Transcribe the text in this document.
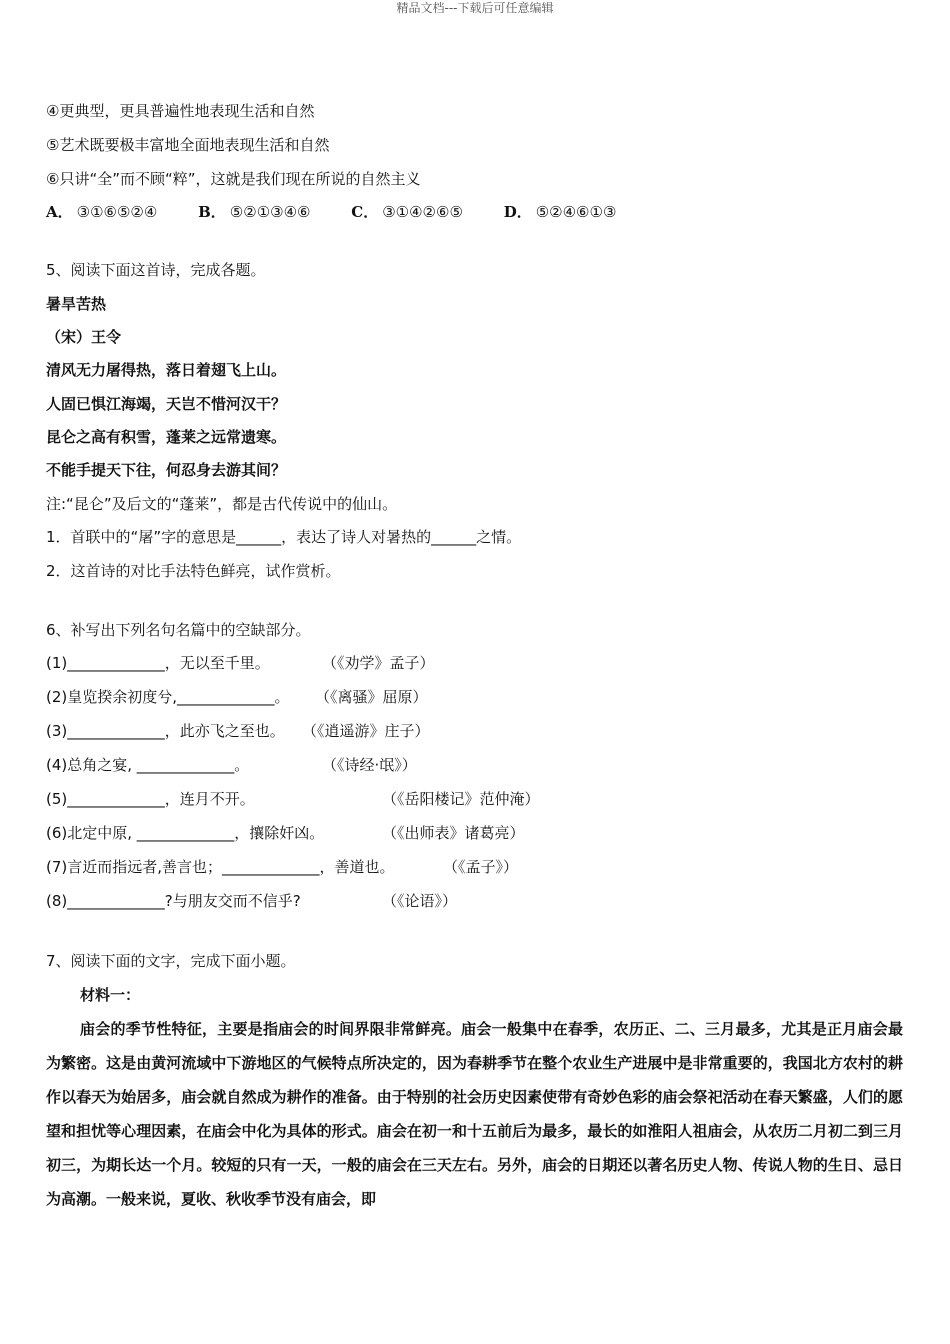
精品文档---下载后可任意编辑
④更典型，更具普遍性地表现生活和自然
⑤艺术既要极丰富地全面地表现生活和自然
⑥只讲“全”而不顾“粹”，这就是我们现在所说的自然主义
A． ③①⑥⑤②④	B． ⑤②①③④⑥	C． ③①④②⑥⑤	D． ⑤②④⑥①③
5、阅读下面这首诗，完成各题。
暑旱苦热
（宋）王令
清风无力屠得热，落日着翅飞上山。
人固已惧江海竭，天岂不惜河汉干？
昆仑之高有积雪，蓬莱之远常遗寒。
不能手提天下往，何忍身去游其间？
注:“昆仑”及后文的“蓬莱”，都是古代传说中的仙山。
1．首联中的“屠”字的意思是______，表达了诗人对暑热的______之情。
2．这首诗的对比手法特色鲜亮，试作赏析。
6、补写出下列名句名篇中的空缺部分。
(1)_____________，无以至千里。	（《劝学》孟子）
(2)皇览揆余初度兮,_____________。 （《离骚》屈原）
(3)_____________，此亦飞之至也。 （《逍遥游》庄子）
(4)总角之宴, _____________。	（《诗经·氓》）
(5)_____________，连月不开。	（《岳阳楼记》范仲淹）
(6)北定中原, _____________，攘除奸凶。	（《出师表》诸葛亮）
(7)言近而指远者,善言也；_____________，善道也。	（《孟子》）
(8)_____________?与朋友交而不信乎?	（《论语》）
7、阅读下面的文字，完成下面小题。
材料一：
庙会的季节性特征，主要是指庙会的时间界限非常鲜亮。庙会一般集中在春季，农历正、二、三月最多，尤其是正月庙会最为繁密。这是由黄河流域中下游地区的气候特点所决定的，因为春耕季节在整个农业生产进展中是非常重要的，我国北方农村的耕作以春天为始居多，庙会就自然成为耕作的准备。由于特别的社会历史因素使带有奇妙色彩的庙会祭祀活动在春天繁盛，人们的愿望和担忧等心理因素，在庙会中化为具体的形式。庙会在初一和十五前后为最多，最长的如淮阳人祖庙会，从农历二月初二到三月初三，为期长达一个月。较短的只有一天，一般的庙会在三天左右。另外，庙会的日期还以著名历史人物、传说人物的生日、忌日为高潮。一般来说，夏收、秋收季节没有庙会，即
